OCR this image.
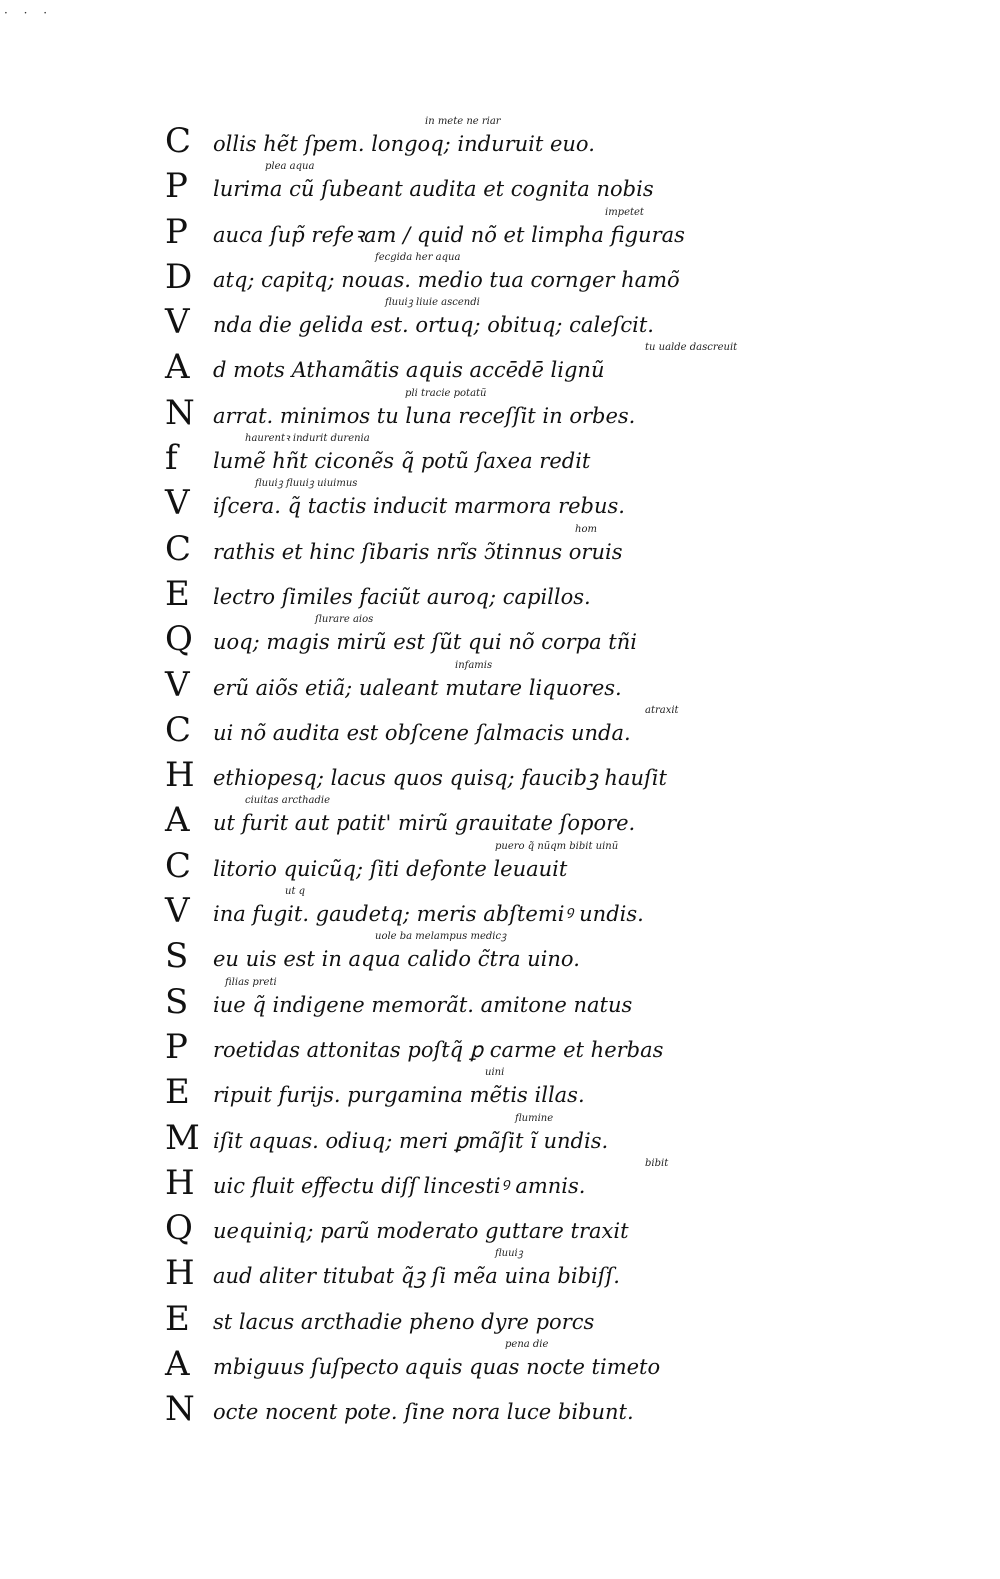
· · ·
C	ollis hẽt ſpem. longoq; induruit euo.
in mete ne riar
P	lurima cũ ſubeant audita et cognita nobis
plea aqua
P	auca ſup̃ refeꝛam / quid nõ et limpha figuras
impetet
D atq; capitq; nouas. medio tua cornger hamõ
fecgida her aqua
V	nda die gelida est. ortuq; obituq; caleſcit.
fluuiꝫ liuie ascendi
A	d mots Athamãtis aquis accēdē lignũ
tu ualde dascreuit
N arrat. minimos tu luna receſſit in orbes.
pli tracie potatũ
f	lumẽ hñt ciconẽs q̃ potũ ſaxea redit
haurentꝛ indurit durenia
V	iſcera. q̃ tactis inducit marmora rebus.
fluuiꝫ fluuiꝫ uiuimus
C	rathis et hinc ſibaris nrĩs ↄ̃tinnus oruis
hom
E	lectro ſimiles faciũt auroq; capillos.
Q uoq; magis mirũ est ſũt qui nõ corpa tñi
ſlurare aios
V	erũ aiõs etiã; ualeant mutare liquores.
infamis
C	ui nõ audita est obſcene ſalmacis unda.
atraxit
H ethiopesq; lacus quos quisq; faucibꝫ hauſit
A	ut furit aut patit' mirũ grauitate ſopore.
ciuitas arcthadie
C	litorio quicũq; ſiti defonte leuauit
puero q̃ nũqm bibit uinũ
V	ina fugit. gaudetq; meris abſtemiꝰ undis.
ut q
S	eu uis est in aqua calido c̃tra uino.
uole ba melampus medicꝫ
S	iue q̃ indigene memorãt. amitone natus
filias preti
P	roetidas attonitas poſtq̃ ꝑ carme et herbas
E	ripuit furijs. purgamina mẽtis illas.
uini
M iſit aquas. odiuq; meri ꝑmãſit ĩ undis.
flumine
H uic fluit effectu diſſ lincestiꝰ amnis.
bibit
Q uequiniq; parũ moderato guttare traxit
H aud aliter titubat q̃ꝫ ſi mẽa uina bibiſſ.
fluuiꝫ
E	st lacus arcthadie pheno dyre porcs
A	mbiguus ſuſpecto aquis quas nocte timeto
pena die
N octe nocent pote. ſine nora luce bibunt.
